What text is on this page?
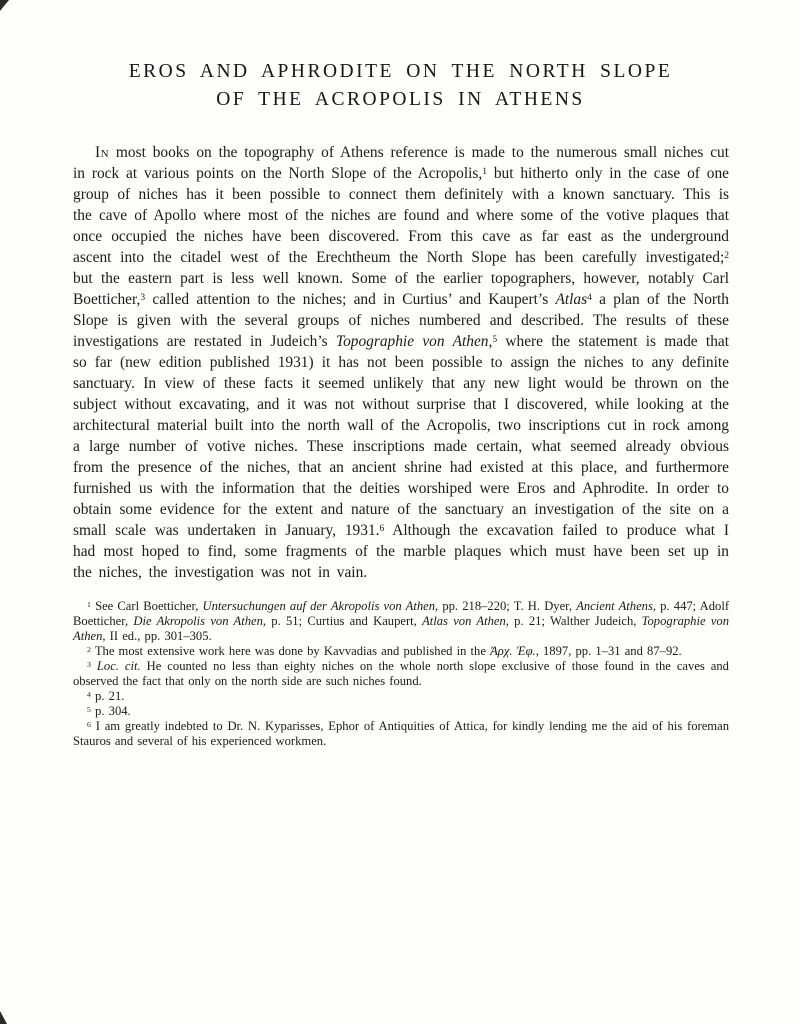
EROS AND APHRODITE ON THE NORTH SLOPE
OF THE ACROPOLIS IN ATHENS

In most books on the topography of Athens reference is made to the numerous small niches cut in rock at various points on the North Slope of the Acropolis,$^1$ but hitherto only in the case of one group of niches has it been possible to connect them definitely with a known sanctuary. This is the cave of Apollo where most of the niches are found and where some of the votive plaques that once occupied the niches have been discovered. From this cave as far east as the underground ascent into the citadel west of the Erechtheum the North Slope has been carefully investigated;$^2$ but the eastern part is less well known. Some of the earlier topographers, however, notably Carl Boetticher,$^3$ called attention to the niches; and in Curtius’ and Kaupert’s Atlas$^4$ a plan of the North Slope is given with the several groups of niches numbered and described. The results of these investigations are restated in Judeich’s Topographie von Athen,$^5$ where the statement is made that so far (new edition published 1931) it has not been possible to assign the niches to any definite sanctuary. In view of these facts it seemed unlikely that any new light would be thrown on the subject without excavating, and it was not without surprise that I discovered, while looking at the architectural material built into the north wall of the Acropolis, two inscriptions cut in rock among a large number of votive niches. These inscriptions made certain, what seemed already obvious from the presence of the niches, that an ancient shrine had existed at this place, and furthermore furnished us with the information that the deities worshiped were Eros and Aphrodite. In order to obtain some evidence for the extent and nature of the sanctuary an investigation of the site on a small scale was undertaken in January, 1931.$^6$ Although the excavation failed to produce what I had most hoped to find, some fragments of the marble plaques which must have been set up in the niches, the investigation was not in vain.

$^1$ See Carl Boetticher, Untersuchungen auf der Akropolis von Athen, pp. 218–220; T. H. Dyer, Ancient Athens, p. 447; Adolf Boetticher, Die Akropolis von Athen, p. 51; Curtius and Kaupert, Atlas von Athen, p. 21; Walther Judeich, Topographie von Athen, II ed., pp. 301–305.

$^2$ The most extensive work here was done by Kavvadias and published in the Ἀρχ. Ἐφ., 1897, pp. 1–31 and 87–92.

$^3$ Loc. cit. He counted no less than eighty niches on the whole north slope exclusive of those found in the caves and observed the fact that only on the north side are such niches found.

$^4$ p. 21.

$^5$ p. 304.

$^6$ I am greatly indebted to Dr. N. Kyparisses, Ephor of Antiquities of Attica, for kindly lending me the aid of his foreman Stauros and several of his experienced workmen.
